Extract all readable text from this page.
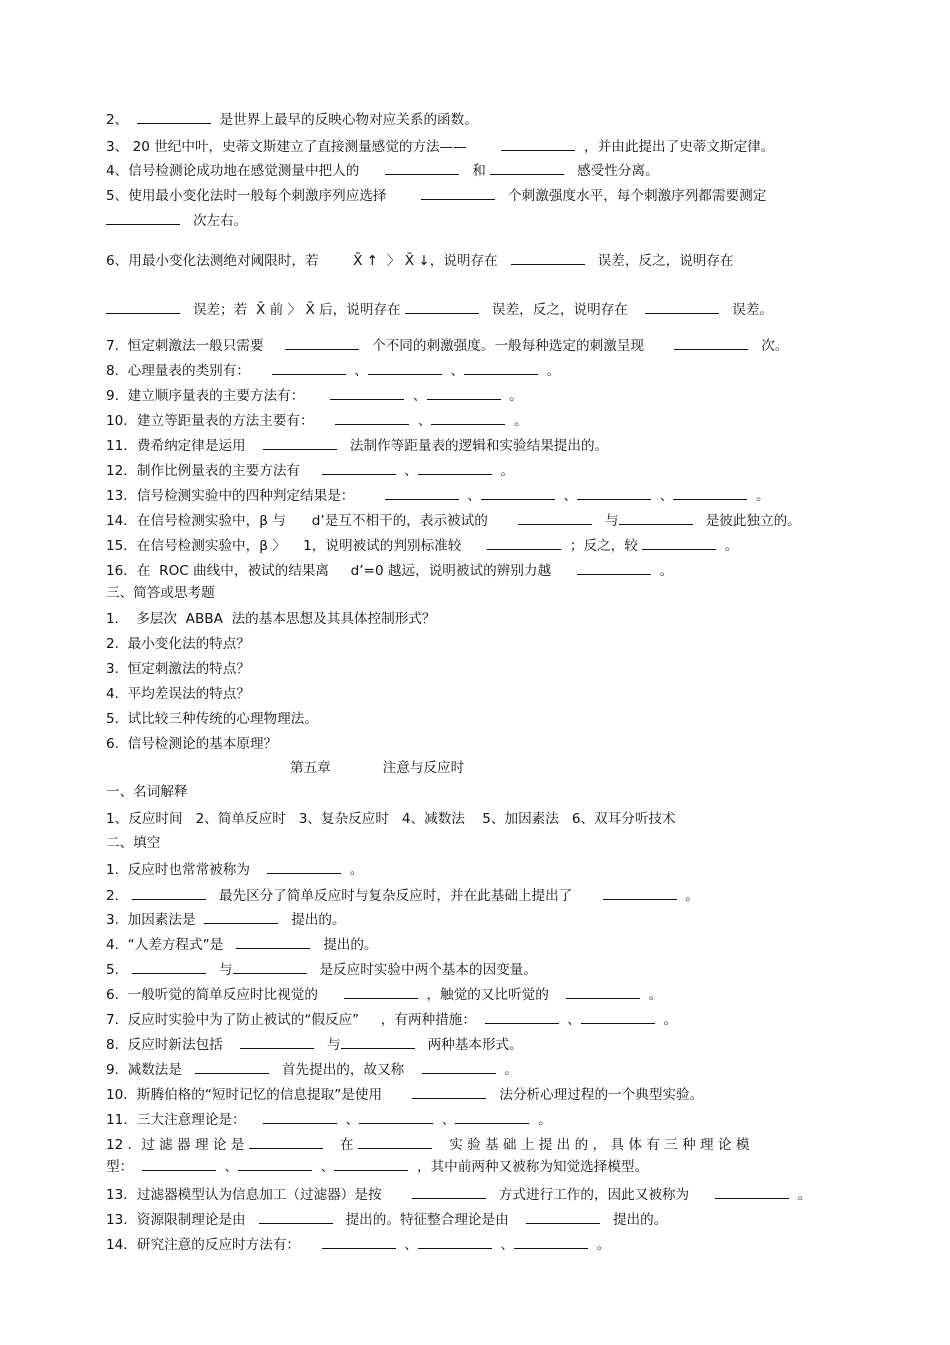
2、	是世界上最早的反映心物对应关系的函数。
3、 20 世纪中叶，史蒂文斯建立了直接测量感觉的方法——	，并由此提出了史蒂文斯定律。
4、信号检测论成功地在感觉测量中把人的	和	感受性分离。
5、使用最小变化法时一般每个刺激序列应选择	个刺激强度水平，每个刺激序列都需要测定
次左右。
6、用最小变化法测绝对阈限时，若        X̄ ↑  〉 X̄ ↓，说明存在	误差，反之，说明存在
误差；若  X̄ 前 〉 X̄ 后，说明存在	误差，反之，说明存在	误差。
7.  恒定刺激法一般只需要	个不同的刺激强度。一般每种选定的刺激呈现	次。
8.  心理量表的类别有：	、	、	。
9.  建立顺序量表的主要方法有：	、	。
10．建立等距量表的方法主要有：	、	。
11．费希纳定律是运用	法制作等距量表的逻辑和实验结果提出的。
12．制作比例量表的主要方法有	、	。
13．信号检测实验中的四种判定结果是：	、	、	、	。
14．在信号检测实验中，β 与      d’是互不相干的，表示被试的	与	是彼此独立的。
15．在信号检测实验中，β 〉    1，说明被试的判别标准较	；反之，较	。
16．在  ROC 曲线中，被试的结果离     d’=0 越远，说明被试的辨别力越	。
三、简答或思考题
1.    多层次  ABBA  法的基本思想及其具体控制形式？
2.  最小变化法的特点？
3.  恒定刺激法的特点？
4.  平均差误法的特点？
5.  试比较三种传统的心理物理法。
6.  信号检测论的基本原理？
第五章            注意与反应时
一、名词解释
1、反应时间   2、简单反应时   3、复杂反应时   4、减数法    5、加因素法   6、双耳分听技术
二、填空
1.  反应时也常常被称为	。
2.	最先区分了简单反应时与复杂反应时，并在此基础上提出了	。
3.  加因素法是	提出的。
4.  “人差方程式”是	提出的。
5.	与	是反应时实验中两个基本的因变量。
6.  一般听觉的简单反应时比视觉的	，触觉的又比听觉的	。
7.  反应时实验中为了防止被试的“假反应”     ，有两种措施：	、	。
8.  反应时新法包括	与	两种基本形式。
9.  减数法是	首先提出的，故又称	。
10．斯腾伯格的“短时记忆的信息提取”是使用	法分析心理过程的一个典型实验。
11．三大注意理论是：	、	、	。
12 ．过 滤 器 理 论 是	在	实 验 基 础 上 提 出 的 ， 具 体 有 三 种 理 论 模
型：	、	、	，其中前两种又被称为知觉选择模型。
13．过滤器模型认为信息加工（过滤器）是按	方式进行工作的，因此又被称为	。
13．资源限制理论是由	提出的。特征整合理论是由	提出的。
14．研究注意的反应时方法有：	、	、	。
